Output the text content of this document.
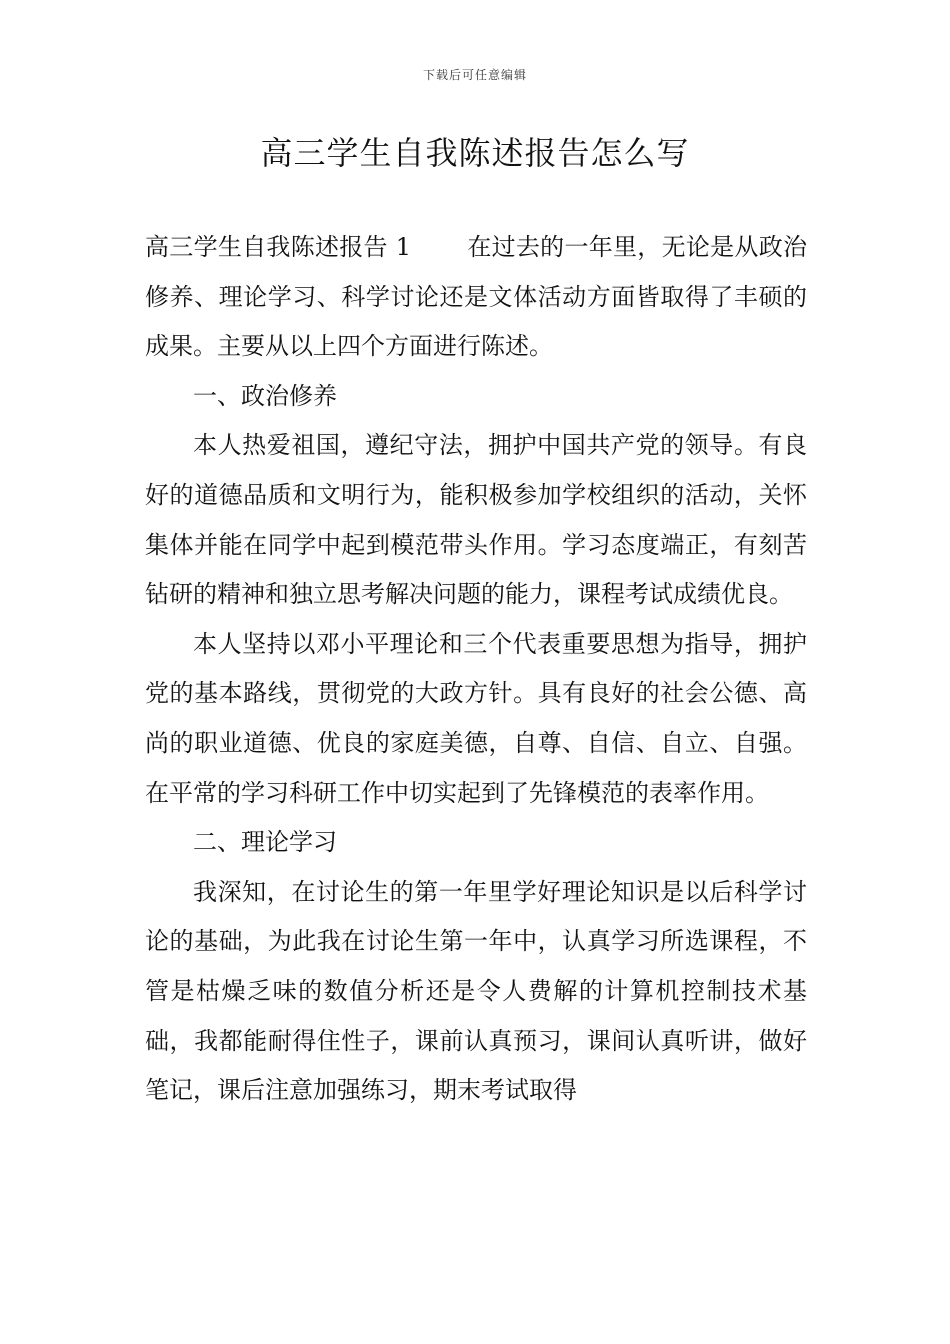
下载后可任意编辑
高三学生自我陈述报告怎么写

高三学生自我陈述报告 1 在过去的一年里，无论是从政治修养、理论学习、科学讨论还是文体活动方面皆取得了丰硕的成果。主要从以上四个方面进行陈述。

一、政治修养

本人热爱祖国，遵纪守法，拥护中国共产党的领导。有良好的道德品质和文明行为，能积极参加学校组织的活动，关怀集体并能在同学中起到模范带头作用。学习态度端正，有刻苦钻研的精神和独立思考解决问题的能力，课程考试成绩优良。

本人坚持以邓小平理论和三个代表重要思想为指导，拥护党的基本路线，贯彻党的大政方针。具有良好的社会公德、高尚的职业道德、优良的家庭美德，自尊、自信、自立、自强。在平常的学习科研工作中切实起到了先锋模范的表率作用。

二、理论学习

我深知，在讨论生的第一年里学好理论知识是以后科学讨论的基础，为此我在讨论生第一年中，认真学习所选课程，不管是枯燥乏味的数值分析还是令人费解的计算机控制技术基础，我都能耐得住性子，课前认真预习，课间认真听讲，做好笔记，课后注意加强练习，期末考试取得
